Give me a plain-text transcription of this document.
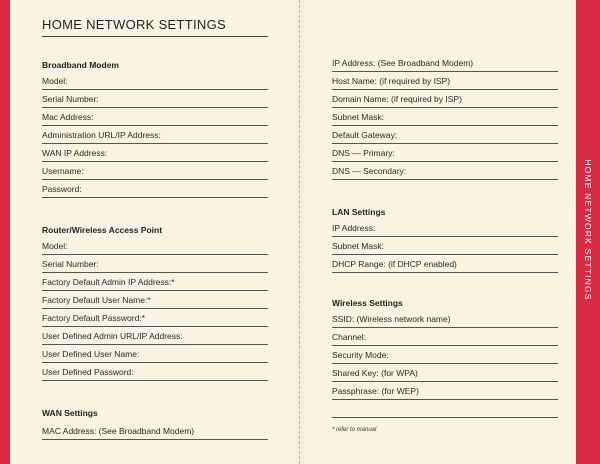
HOME NETWORK SETTINGS
HOME NETWORK SETTINGS
Broadband Modem
Model:
Serial Number:
Mac Address:
Administration URL/IP Address:
WAN IP Address:
Username:
Password:
Router/Wireless Access Point
Model:
Serial Number:
Factory Default Admin IP Address:*
Factory Default User Name:*
Factory Default Password:*
User Defined Admin URL/IP Address:
User Defined User Name:
User Defined Password:
WAN Settings
MAC Address: (See Broadband Modem)
IP Address: (See Broadband Modem)
Host Name: (if required by ISP)
Domain Name: (if required by ISP)
Subnet Mask:
Default Gateway:
DNS — Primary:
DNS — Secondary:
LAN Settings
IP Address:
Subnet Mask:
DHCP Range: (if DHCP enabled)
Wireless Settings
SSID: (Wireless network name)
Channel:
Security Mode:
Shared Key: (for WPA)
Passphrase: (for WEP)
* refer to manual
